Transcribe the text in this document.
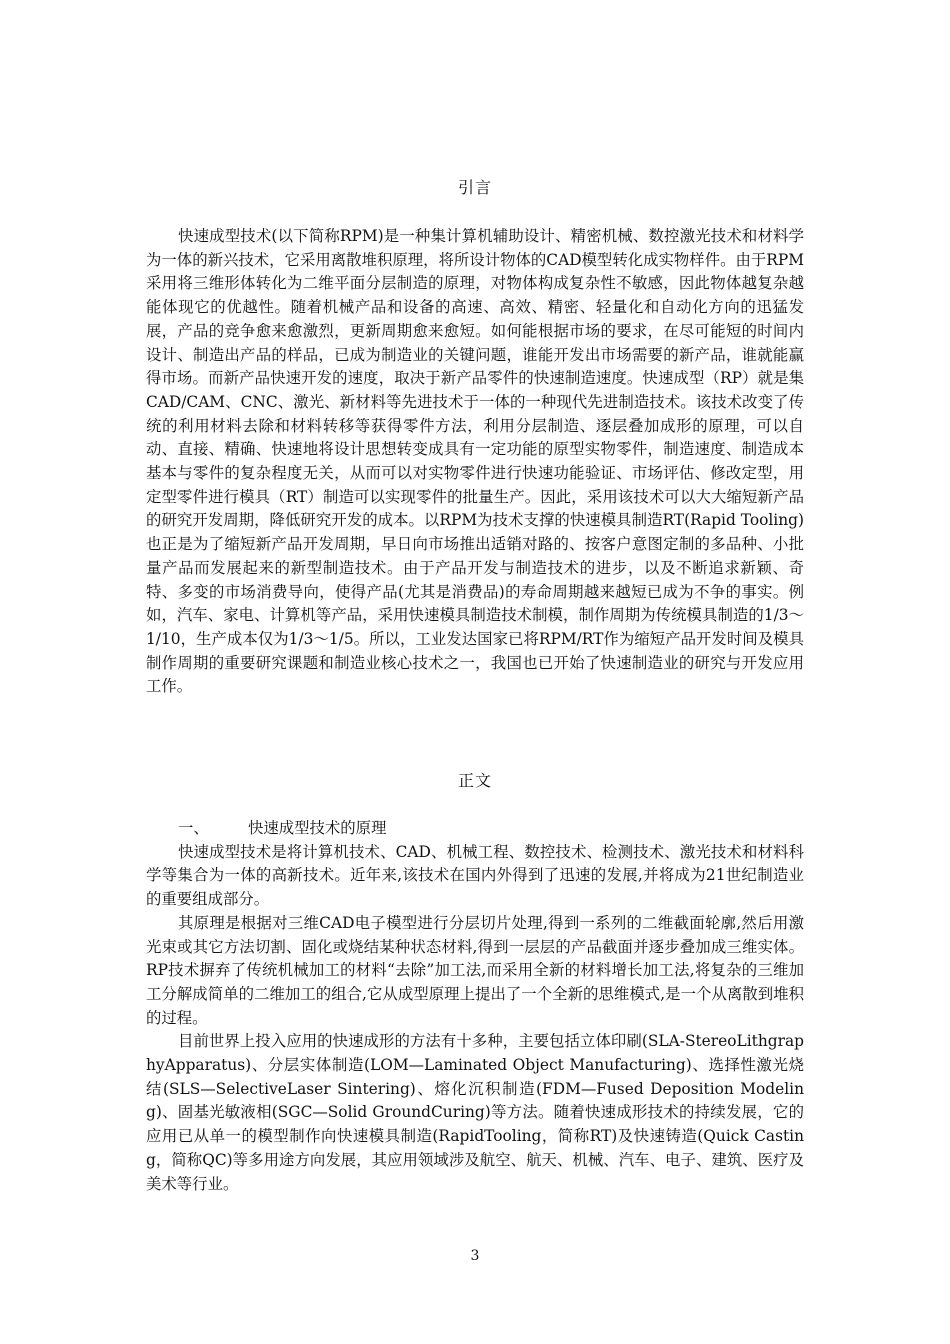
引言

快速成型技术(以下简称RPM)是一种集计算机辅助设计、精密机械、数控激光技术和材料学为一体的新兴技术，它采用离散堆积原理，将所设计物体的CAD模型转化成实物样件。由于RPM采用将三维形体转化为二维平面分层制造的原理，对物体构成复杂性不敏感，因此物体越复杂越能体现它的优越性。随着机械产品和设备的高速、高效、精密、轻量化和自动化方向的迅猛发展，产品的竞争愈来愈激烈，更新周期愈来愈短。如何能根据市场的要求，在尽可能短的时间内设计、制造出产品的样品，已成为制造业的关键问题，谁能开发出市场需要的新产品，谁就能赢得市场。而新产品快速开发的速度，取决于新产品零件的快速制造速度。快速成型（RP）就是集CAD/CAM、CNC、激光、新材料等先进技术于一体的一种现代先进制造技术。该技术改变了传统的利用材料去除和材料转移等获得零件方法，利用分层制造、逐层叠加成形的原理，可以自动、直接、精确、快速地将设计思想转变成具有一定功能的原型实物零件，制造速度、制造成本基本与零件的复杂程度无关，从而可以对实物零件进行快速功能验证、市场评估、修改定型，用定型零件进行模具（RT）制造可以实现零件的批量生产。因此，采用该技术可以大大缩短新产品的研究开发周期，降低研究开发的成本。以RPM为技术支撑的快速模具制造RT(Rapid Tooling)也正是为了缩短新产品开发周期，早日向市场推出适销对路的、按客户意图定制的多品种、小批量产品而发展起来的新型制造技术。由于产品开发与制造技术的进步，以及不断追求新颖、奇特、多变的市场消费导向，使得产品(尤其是消费品)的寿命周期越来越短已成为不争的事实。例如，汽车、家电、计算机等产品，采用快速模具制造技术制模，制作周期为传统模具制造的1/3～1/10，生产成本仅为1/3～1/5。所以，工业发达国家已将RPM/RT作为缩短产品开发时间及模具制作周期的重要研究课题和制造业核心技术之一，我国也已开始了快速制造业的研究与开发应用工作。

正文

一、	快速成型技术的原理

快速成型技术是将计算机技术、CAD、机械工程、数控技术、检测技术、激光技术和材料科学等集合为一体的高新技术。近年来,该技术在国内外得到了迅速的发展,并将成为21世纪制造业的重要组成部分。

其原理是根据对三维CAD电子模型进行分层切片处理,得到一系列的二维截面轮廓,然后用激光束或其它方法切割、固化或烧结某种状态材料,得到一层层的产品截面并逐步叠加成三维实体。RP技术摒弃了传统机械加工的材料“去除”加工法,而采用全新的材料增长加工法,将复杂的三维加工分解成简单的二维加工的组合,它从成型原理上提出了一个全新的思维模式,是一个从离散到堆积的过程。

目前世界上投入应用的快速成形的方法有十多种，主要包括立体印刷(SLA-StereoLithgraphyApparatus)、分层实体制造(LOM—Laminated Object Manufacturing)、选择性激光烧结(SLS—SelectiveLaser Sintering)、熔化沉积制造(FDM—Fused Deposition Modeling)、固基光敏液相(SGC—Solid GroundCuring)等方法。随着快速成形技术的持续发展，它的应用已从单一的模型制作向快速模具制造(RapidTooling，简称RT)及快速铸造(Quick Casting，简称QC)等多用途方向发展，其应用领域涉及航空、航天、机械、汽车、电子、建筑、医疗及美术等行业。

3
